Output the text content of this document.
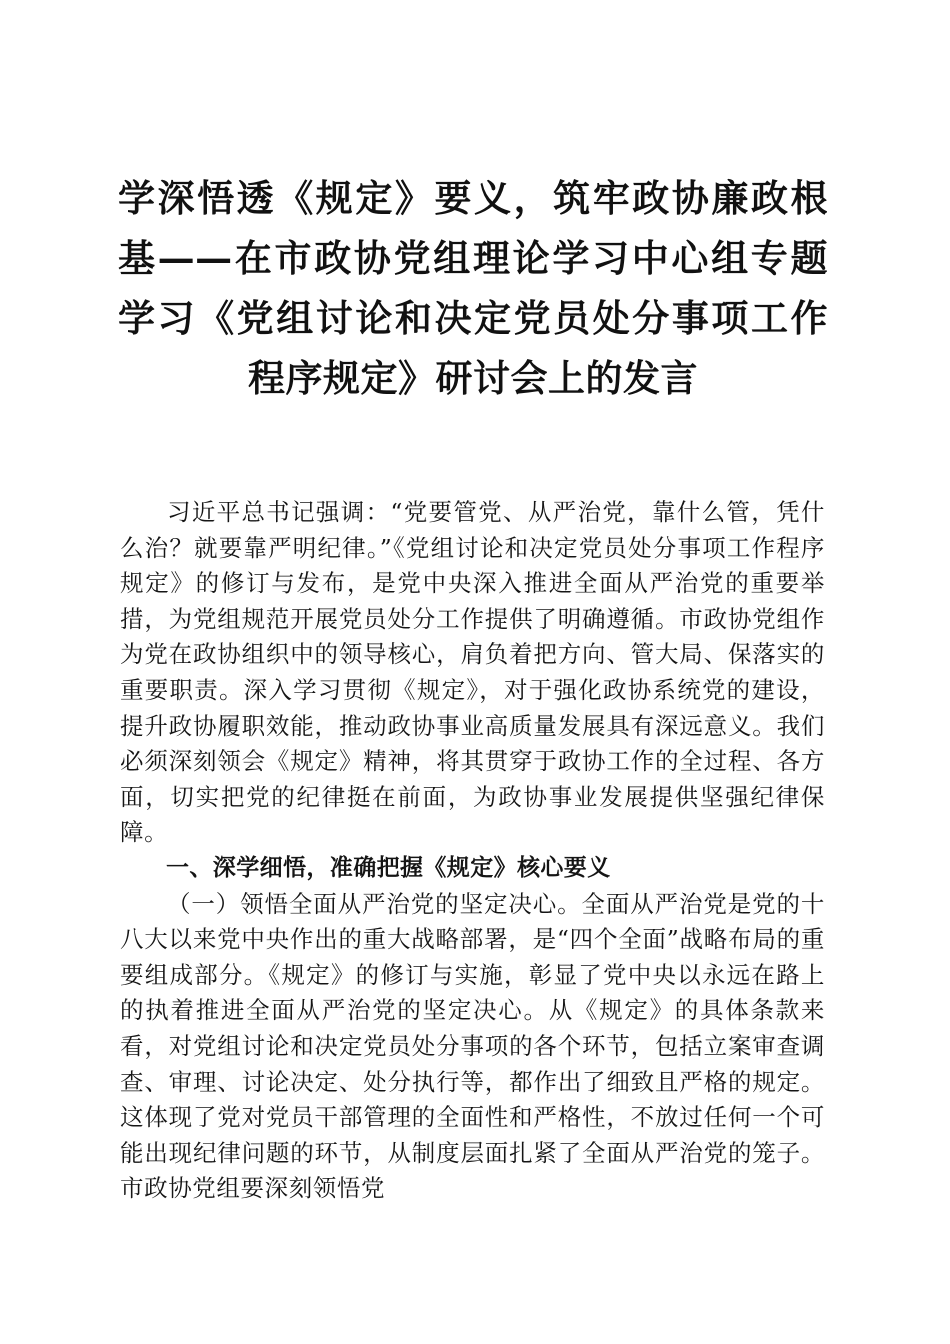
学深悟透《规定》要义，筑牢政协廉政根基——在市政协党组理论学习中心组专题学习《党组讨论和决定党员处分事项工作程序规定》研讨会上的发言

习近平总书记强调：“党要管党、从严治党，靠什么管，凭什么治？就要靠严明纪律。”《党组讨论和决定党员处分事项工作程序规定》的修订与发布，是党中央深入推进全面从严治党的重要举措，为党组规范开展党员处分工作提供了明确遵循。市政协党组作为党在政协组织中的领导核心，肩负着把方向、管大局、保落实的重要职责。深入学习贯彻《规定》，对于强化政协系统党的建设，提升政协履职效能，推动政协事业高质量发展具有深远意义。我们必须深刻领会《规定》精神，将其贯穿于政协工作的全过程、各方面，切实把党的纪律挺在前面，为政协事业发展提供坚强纪律保障。

一、深学细悟，准确把握《规定》核心要义

（一）领悟全面从严治党的坚定决心。全面从严治党是党的十八大以来党中央作出的重大战略部署，是“四个全面”战略布局的重要组成部分。《规定》的修订与实施，彰显了党中央以永远在路上的执着推进全面从严治党的坚定决心。从《规定》的具体条款来看，对党组讨论和决定党员处分事项的各个环节，包括立案审查调查、审理、讨论决定、处分执行等，都作出了细致且严格的规定。这体现了党对党员干部管理的全面性和严格性，不放过任何一个可能出现纪律问题的环节，从制度层面扎紧了全面从严治党的笼子。市政协党组要深刻领悟党
